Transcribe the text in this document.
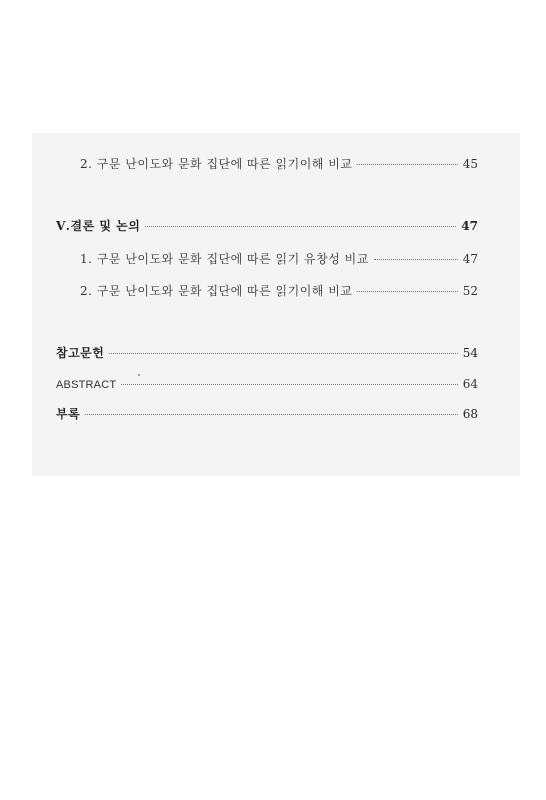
2. 구문 난이도와 문화 집단에 따른 읽기이해 비교	45
Ⅴ.결론 및 논의	47
1. 구문 난이도와 문화 집단에 따른 읽기 유창성 비교	47
2. 구문 난이도와 문화 집단에 따른 읽기이해 비교	52
참고문헌	54
ABSTRACT	64
부록	68
